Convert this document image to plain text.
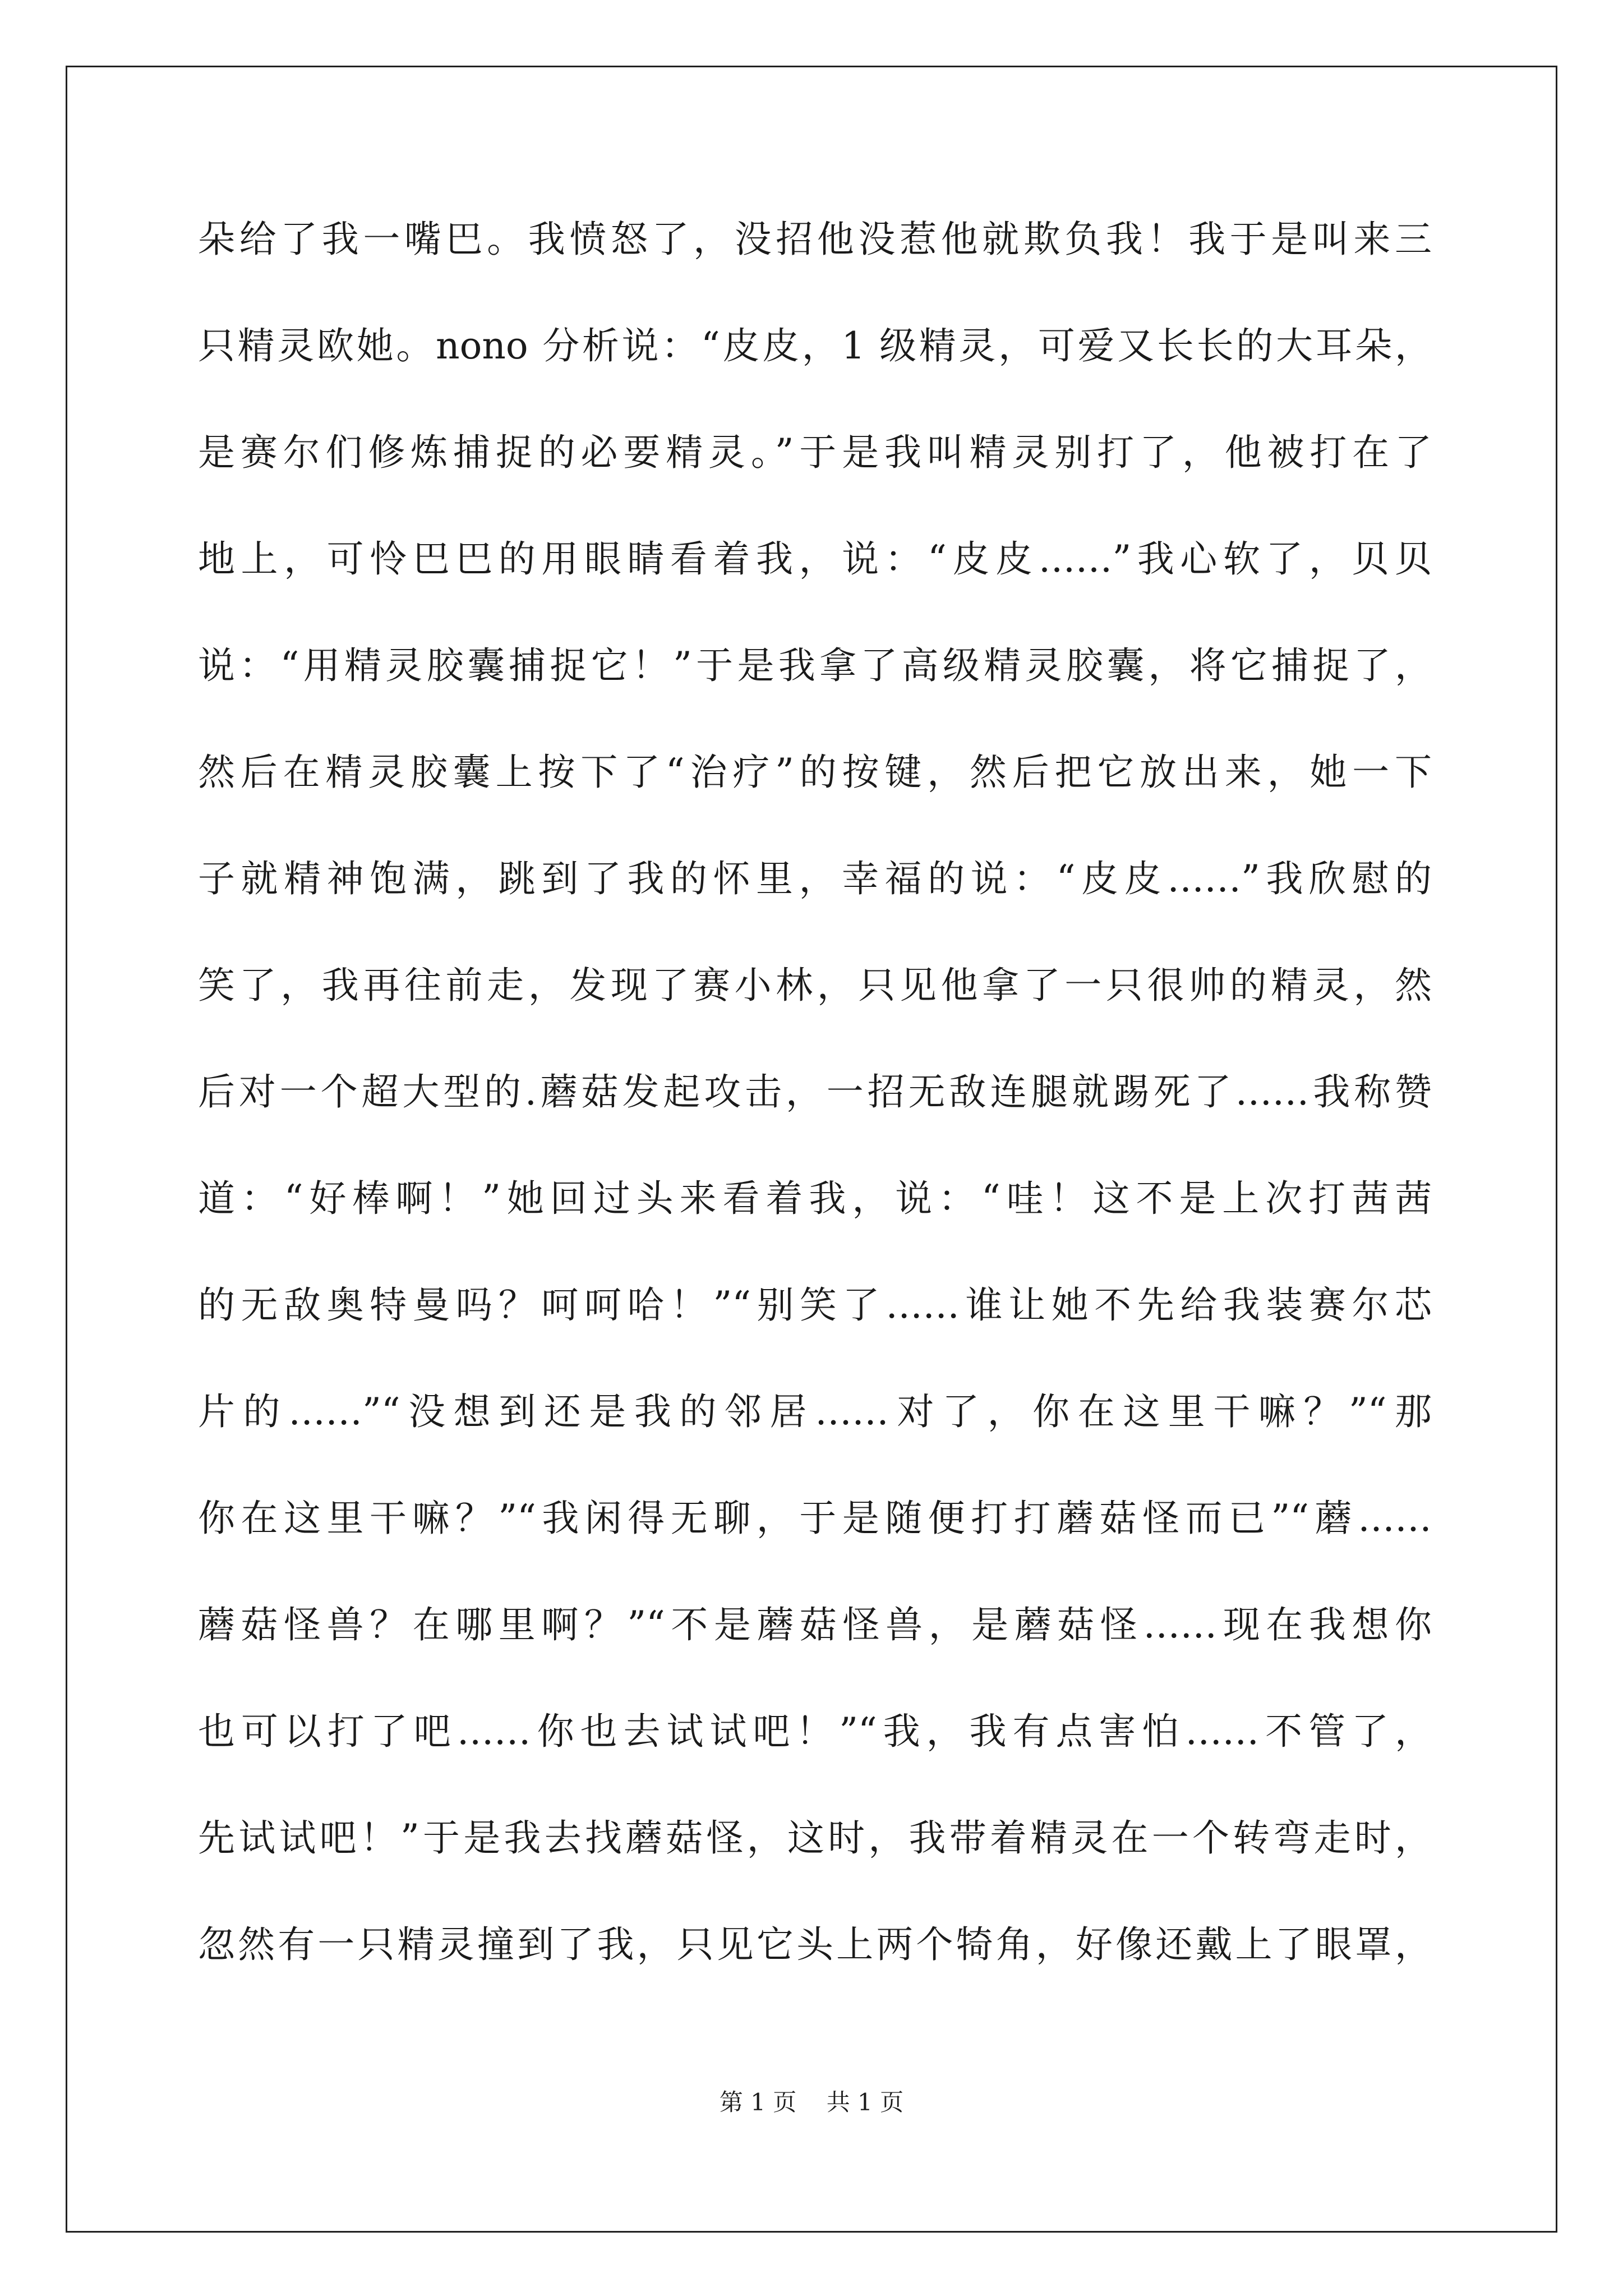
朵给了我一嘴巴。我愤怒了，没招他没惹他就欺负我！我于是叫来三
只精灵欧她。nono 分析说：“皮皮，1 级精灵，可爱又长长的大耳朵，
是赛尔们修炼捕捉的必要精灵。”于是我叫精灵别打了，他被打在了
地上，可怜巴巴的用眼睛看着我，说：“皮皮……”我心软了，贝贝
说：“用精灵胶囊捕捉它！”于是我拿了高级精灵胶囊，将它捕捉了，
然后在精灵胶囊上按下了“治疗”的按键，然后把它放出来，她一下
子就精神饱满，跳到了我的怀里，幸福的说：“皮皮……”我欣慰的
笑了，我再往前走，发现了赛小林，只见他拿了一只很帅的精灵，然
后对一个超大型的.蘑菇发起攻击，一招无敌连腿就踢死了……我称赞
道：“好棒啊！”她回过头来看着我，说：“哇！这不是上次打茜茜
的无敌奥特曼吗？呵呵哈！”“别笑了……谁让她不先给我装赛尔芯
片的……”“没想到还是我的邻居……对了，你在这里干嘛？”“那
你在这里干嘛？”“我闲得无聊，于是随便打打蘑菇怪而已”“蘑……
蘑菇怪兽？在哪里啊？”“不是蘑菇怪兽，是蘑菇怪……现在我想你
也可以打了吧……你也去试试吧！”“我，我有点害怕……不管了，
先试试吧！”于是我去找蘑菇怪，这时，我带着精灵在一个转弯走时，
忽然有一只精灵撞到了我，只见它头上两个犄角，好像还戴上了眼罩，
第 1 页    共 1 页
